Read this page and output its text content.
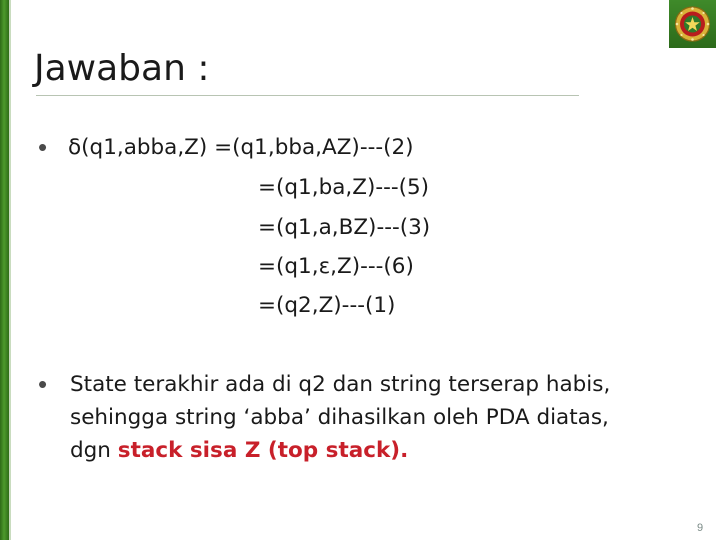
Jawaban :
• δ(q1,abba,Z) =(q1,bba,AZ)---(2)
=(q1,ba,Z)---(5)
=(q1,a,BZ)---(3)
=(q1,ε,Z)---(6)
=(q2,Z)---(1)
• State terakhir ada di q2 dan string terserap habis,
sehingga string ‘abba’ dihasilkan oleh PDA diatas,
dgn stack sisa Z (top stack).
9
